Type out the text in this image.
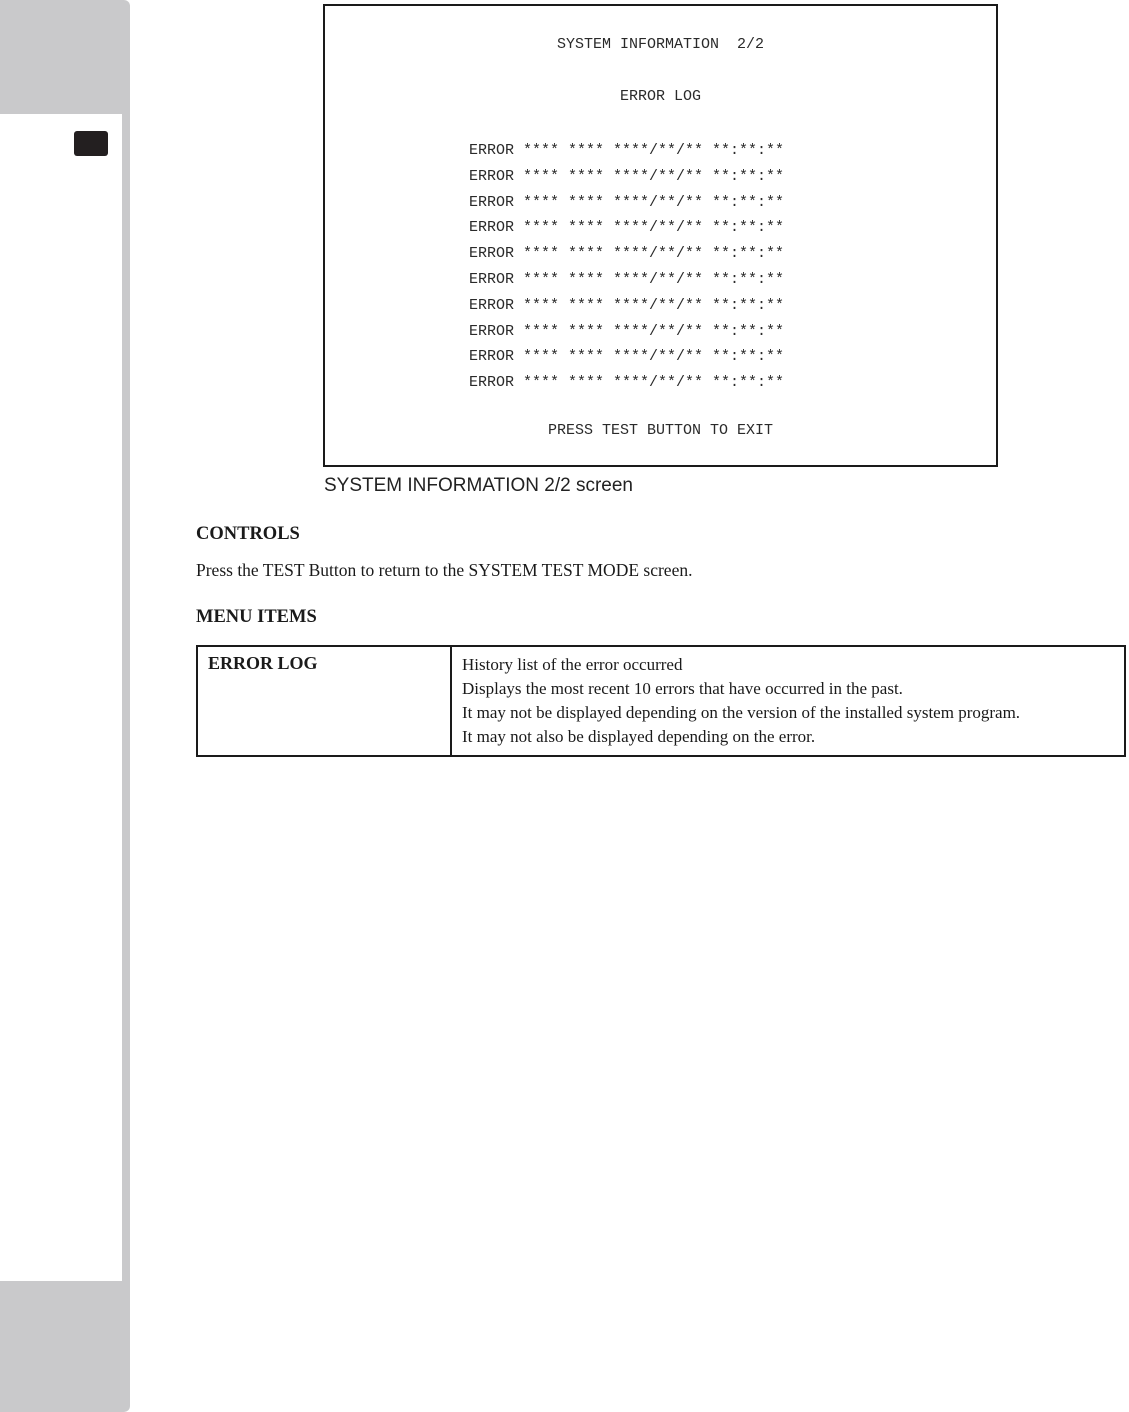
SYSTEM INFORMATION  2/2
ERROR LOG
ERROR **** **** ****/**/** **:**:**
ERROR **** **** ****/**/** **:**:**
ERROR **** **** ****/**/** **:**:**
ERROR **** **** ****/**/** **:**:**
ERROR **** **** ****/**/** **:**:**
ERROR **** **** ****/**/** **:**:**
ERROR **** **** ****/**/** **:**:**
ERROR **** **** ****/**/** **:**:**
ERROR **** **** ****/**/** **:**:**
ERROR **** **** ****/**/** **:**:**
PRESS TEST BUTTON TO EXIT
SYSTEM INFORMATION 2/2 screen
CONTROLS
Press the TEST Button to return to the SYSTEM TEST MODE screen.
MENU ITEMS
ERROR LOG	History list of the error occurred
Displays the most recent 10 errors that have occurred in the past.
It may not be displayed depending on the version of the installed system program.
It may not also be displayed depending on the error.
